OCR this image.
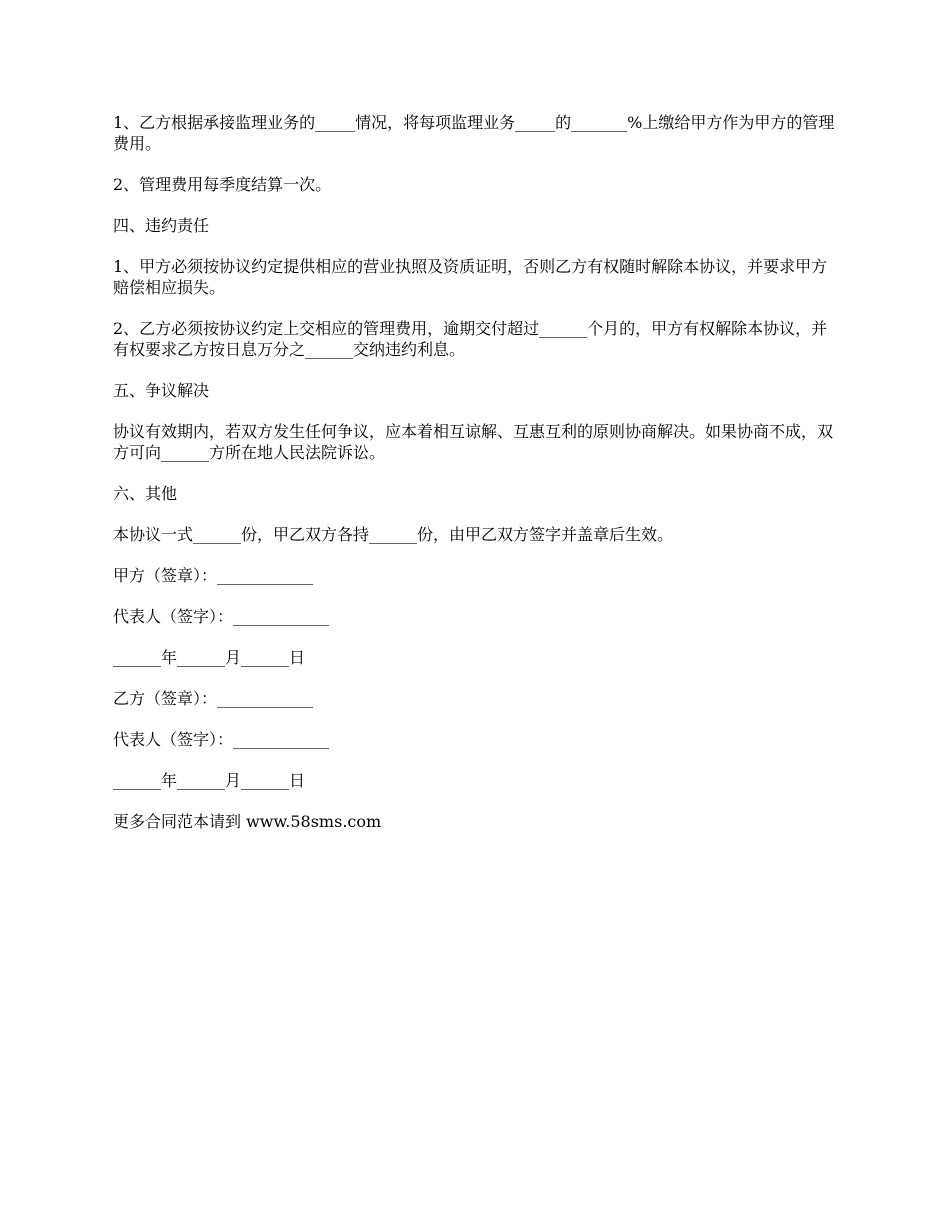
1、乙方根据承接监理业务的_____情况，将每项监理业务_____的_______%上缴给甲方作为甲方的管理费用。

2、管理费用每季度结算一次。

四、违约责任

1、甲方必须按协议约定提供相应的营业执照及资质证明，否则乙方有权随时解除本协议，并要求甲方赔偿相应损失。

2、乙方必须按协议约定上交相应的管理费用，逾期交付超过______个月的，甲方有权解除本协议，并有权要求乙方按日息万分之______交纳违约利息。

五、争议解决

协议有效期内，若双方发生任何争议，应本着相互谅解、互惠互利的原则协商解决。如果协商不成，双方可向______方所在地人民法院诉讼。

六、其他

本协议一式______份，甲乙双方各持______份，由甲乙双方签字并盖章后生效。

甲方（签章）：____________

代表人（签字）：____________

______年______月______日

乙方（签章）：____________

代表人（签字）：____________

______年______月______日

更多合同范本请到 www.58sms.com
